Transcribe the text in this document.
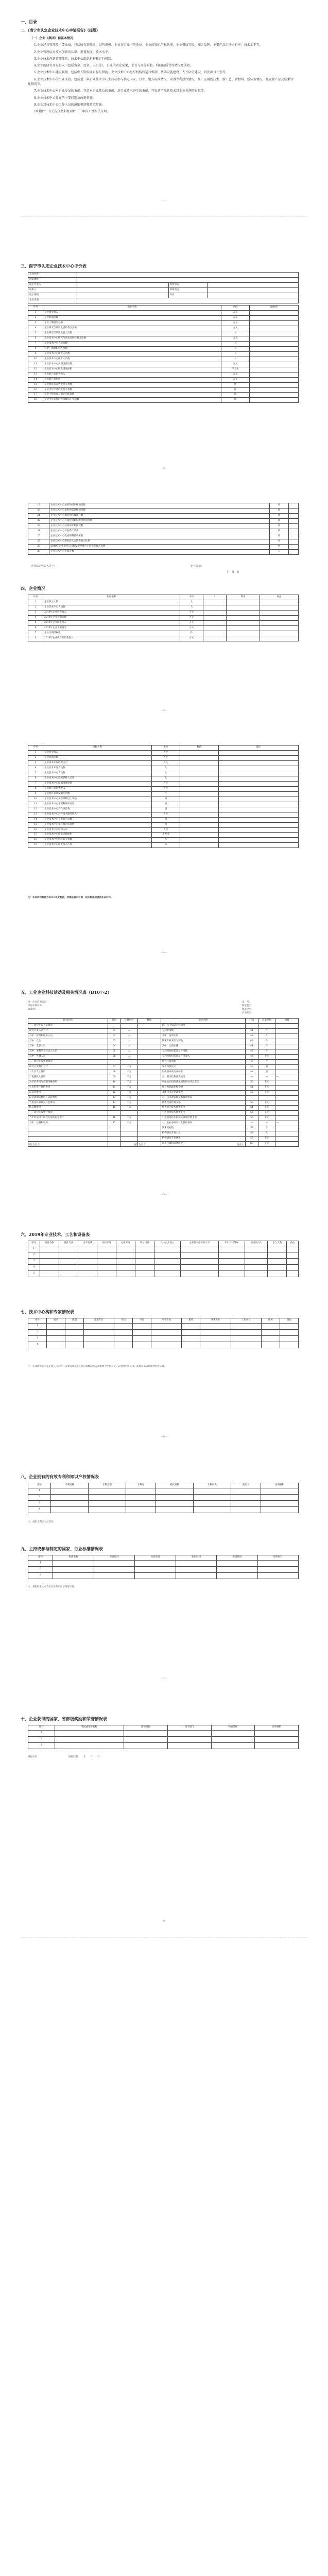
一、目录
二、《南宁市认定企业技术中心申请报告》（提纲）

（一）企业（集团）和基本情况

1.企业经营管理及主要业绩。包括所有制性质、经营规模、企业在行业中的地位、企业的知识产权状况、企业资质等级、知名品牌、主要产品市场占有率、技术水平等。

2.企业管理层对技术创新的认识、重视程度、技术水平。

3.企业技术创新管理体系，技术中心组织机构和运行机制。

4.企业的研究开发投入（包括资金、设备、人员等），企业的研发成果，企业与高等院校、科研院所合作情况及成效。

5.企业技术中心建设规划。包括中长期发展目标与措施、企业技术中心组织机构和运行机制、基础设施建设、人才队伍建设、研发项目计划等。

6.企业技术中心的主要成效。包括近三年企业技术中心主持或参与制定国家、行业、地方标准情况，取得专利授权情况，推广应用新技术、新工艺、新材料、新装备情况，开发新产品及成果转化情况等。

7.企业技术中心对企业发展的贡献。包括对企业效益的贡献、对行业技术进步的贡献、开发新产品新技术对企业利润的贡献等。

8.企业技术中心存在的主要问题及改进措施。

9.企业对技术中心工作人员的激励机制和政策措施。

10.附件：有关佐证材料复印件（三年内）及相关证明。

—1—
三、南宁市认定企业技术中心评价表
企业名称			
通讯地址			
法定代表人		联系电话	
联系人		联系电话	
电子邮箱		传真	
企业类型			
序号	指标名称	单位	2019年
1	企业营业收入	万元	
2	企业利润总额	万元	
3	企业上缴税金总额	万元	
4	企业研究与试验发展经费支出额	万元	
5	企业研究与试验发展人员数	人	
6	企业技术中心研究与试验发展经费支出额	万元	
7	企业技术中心人员总数	人	
8	其中：高级职称人员数	人	
9	企业技术中心博士人员数	人	
10	企业技术中心硕士人员数	人	
11	企业技术中心仪器设备原值	万元	
12	企业技术中心研发场地面积	平方米	
13	企业新产品销售收入	万元	
14	企业新产品利润	万元	
15	企业拥有的有效发明专利数	件	
16	企业当年申请的发明专利数	件	
17	企业主持或参与制定的标准数	项	
18	企业当年获得的省部级以上奖励数	项	
—2—
19	企业技术中心承担的国家级项目数	项	
20	企业技术中心承担的省部级项目数	项	
21	企业技术中心承担的市级项目数	项	
22	企业技术中心与高校科研院所合作项目数	项	
23	企业技术中心获得的专利授权数	件	
24	企业技术中心开发新产品数	项	
25	企业技术中心完成的科技成果数	项	
26	企业技术中心研发投入占销售收入比例	%	
27	2019年企业研究与试验发展经费占主营业务收入比例	%	
28	企业技术中心专家人数	人	
企业法定代表人签字：	企业盖章：
年　月　日
四、企业简况
序号	指标名称	单位	1	数量	备注
1	企业职工人数	人			
2	企业技术中心人员数	人			
3	2019年企业营业收入	万元			
4	2019年企业利润总额	万元			
5	2019年企业研发投入	万元			
6	2019年企业上缴税金	万元			
7	企业专利授权数	件			
8	2019年企业新产品销售收入	万元			
—3—
序号	指标名称	单位	数值	备注
1	企业营业收入	万元		
2	企业利润总额	万元		
3	企业技术开发经费支出	万元		
4	企业技术开发人员数	人		
5	企业技术中心人员数	人		
6	企业技术中心高级职称人员数	人		
7	企业技术中心仪器设备原值	万元		
8	企业新产品销售收入	万元		
9	企业拥有有效发明专利数	件		
10	企业技术中心获省部级以上奖励	项		
11	企业技术中心承担科研项目数	项		
12	企业技术中心合作项目数	项		
13	企业技术中心对外技术服务收入	万元		
14	企业技术中心开发新产品数	项		
15	企业技术中心参与制定标准数	项		
16	企业技术中心培训人次	人次		
17	企业技术中心研发场地面积	平方米		
18	企业技术中心拥有的专家数	人		
19	企业技术中心研发投入占比	%		
注：本表所列数据为2019年度数据，须填报真实可靠，相关数据须提供佐证材料。
—4—
五、工业企业科技活动及相关情况表（B107-2）
统一社会信用代码：
单位详细名称：
2019年
表　号：
制定机关：
批准文号：
有效期至：
指标名称	代码	计量单位	数量	指标名称	代码	计量单位	数量
一、研究开发人员情况	—	—	—	四、自主知识产权情况	—	—	—
研究开发人员合计	01	人		专利申请数	41	件	
其中：管理和服务人员	02	人		其中：发明专利	42	件	
其中：女性	03	人		期末有效发明专利数	43	件	
其中：全职人员	04	人		其中：已被实施	44	件	
其中：本科毕业及以上人员	05	人		专利所有权转让及许可数	45	件	
其中：外聘人员	06	人		专利所有权转让及许可收入	46	千元	
二、研究开发费用情况	—	—	—	拥有注册商标	47	件	
研究开发费用合计	07	千元		发表科技论文	48	篇	
1.人员人工费用	08	千元		形成国家或行业标准	49	项	
2.直接投入费用	09	千元		五、相关政策落实情况	—	—	—
3.折旧费用与长期待摊费用	10	千元		申报加计扣除减免税的研究开发支出	50	千元	
4.无形资产摊销费用	11	千元		加计扣除减免税金额	51	千元	
5.设计费用	12	千元		高新技术企业减免税	52	千元	
6.装备调试费用与试验费用	13	千元		六、技术改造和技术获取情况	—	—	—
7.委托外部研究开发费用	14	千元		技术改造经费支出	53	千元	
8.其他费用	15	千元		购买境内技术经费支出	54	千元	
三、研究开发资产情况	—	—	—	引进境外技术经费支出	55	千元	
当年形成用于研究开发的固定资产	16	千元		引进境外技术的消化吸收经费支出	56	千元	
其中：仪器和设备	17	千元		七、企业办研究开发机构情况	—	—	—
				期末机构数	57	个	
				机构研究开发人员	58	人	
				机构研究开发费用	59	千元	
				期末仪器和设备原价	60	千元	
单位负责人：	统计负责人：	填表人：
—5—
六、2019年专业技术、工艺和设备表
序号	项目名称	项目类别	技术领域	开始时间	完成时间	项目经费	其中企业投入	主要技术指标及水平	知识产权情况	项目负责人	参与人数	备注
1												
2												
3												
4												
5												
七、技术中心构和专家情况表
序号	姓名	性别	出生年月	学历	学位	所学专业	职称	从事专业	工作单位	职务	备注
1											
2											
3											
4											
注：1.技术中心专家是指在技术中心从事研究开发工作的高级职称人员或博士学位人员。2.须附学历证书、职称证书等证明材料复印件。
—6—
八、企业拥有的有效专利和知识产权情况表
序号	专利名称	专利类型	专利号	授权日期	专利权人	发明人	证明材料
1							
2							
3							
4							
注：须附专利证书复印件。
九、主持或参与制定的国家、行业标准情况表
序号	标准名称	标准编号	标准类别	发布时间	实施时间	证明材料
1						
2						
3						
注：须附标准文本首页及发布单位证明复印件。
—7—
十、企业获得的国家、省部级奖励和荣誉情况表
序号	奖励或荣誉名称	获奖时间	授予部门	奖励等级	证明材料
1					
2					
3					
填报单位：　　　　　　　　　　　　　填报日期：　　年　　月　　日
—8—
